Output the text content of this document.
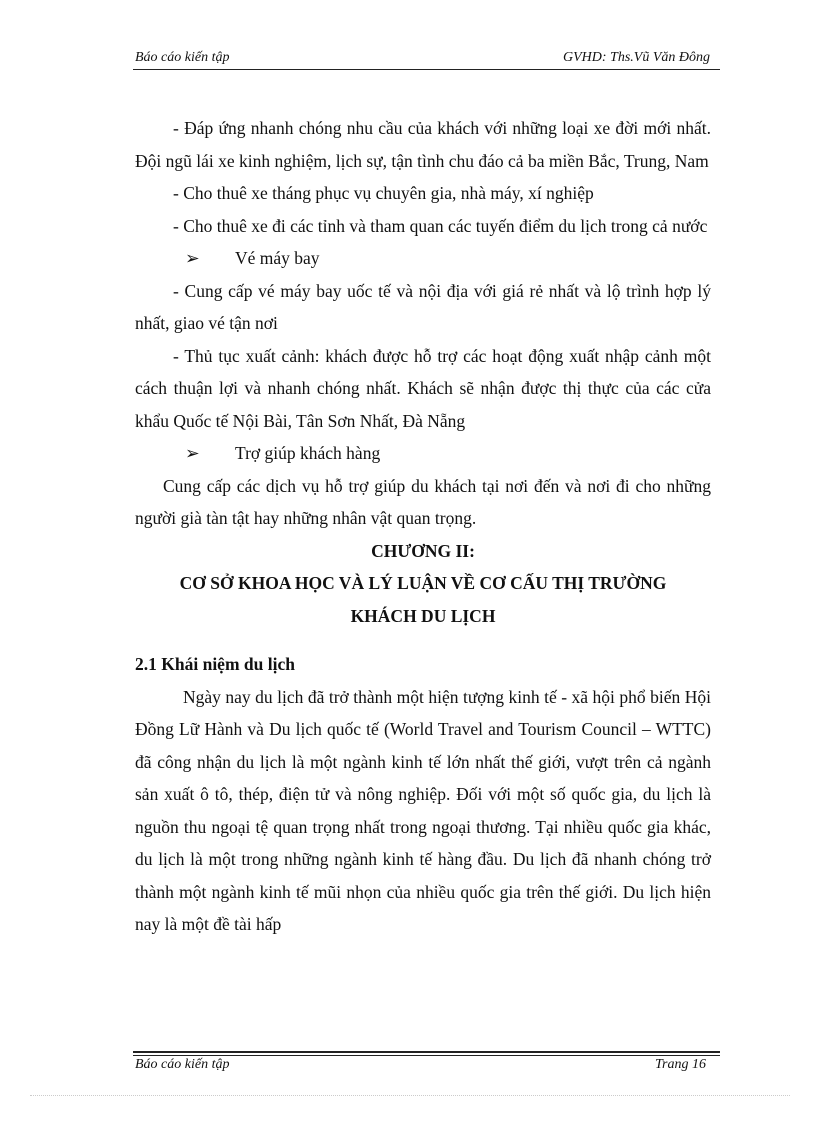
Báo cáo kiến tập	GVHD: Ths.Vũ Văn Đông

- Đáp ứng nhanh chóng nhu cầu của khách với những loại xe đời mới nhất. Đội ngũ lái xe kinh nghiệm, lịch sự, tận tình chu đáo cả ba miền Bắc, Trung, Nam

- Cho thuê xe tháng phục vụ chuyên gia, nhà máy, xí nghiệp

- Cho thuê xe đi các tỉnh và tham quan các tuyến điểm du lịch trong cả nước

➢ Vé máy bay

- Cung cấp vé máy bay uốc tế và nội địa với giá rẻ nhất và lộ trình hợp lý nhất, giao vé tận nơi

- Thủ tục xuất cảnh: khách được hỗ trợ các hoạt động xuất nhập cảnh một cách thuận lợi và nhanh chóng nhất. Khách sẽ nhận được thị thực của các cửa khẩu Quốc tế Nội Bài, Tân Sơn Nhất, Đà Nẵng

➢ Trợ giúp khách hàng

Cung cấp các dịch vụ hỗ trợ giúp du khách tại nơi đến và nơi đi cho những người già tàn tật hay những nhân vật quan trọng.

CHƯƠNG II:

CƠ SỞ KHOA HỌC VÀ LÝ LUẬN VỀ CƠ CẤU THỊ TRƯỜNG

KHÁCH DU LỊCH

2.1 Khái niệm du lịch

Ngày nay du lịch đã trở thành một hiện tượng kinh tế - xã hội phổ biến Hội Đồng Lữ Hành và Du lịch quốc tế (World Travel and Tourism Council – WTTC) đã công nhận du lịch là một ngành kinh tế lớn nhất thế giới, vượt trên cả ngành sản xuất ô tô, thép, điện tử và nông nghiệp. Đối với một số quốc gia, du lịch là nguồn thu ngoại tệ quan trọng nhất trong ngoại thương. Tại nhiều quốc gia khác, du lịch là một trong những ngành kinh tế hàng đầu. Du lịch đã nhanh chóng trở thành một ngành kinh tế mũi nhọn của nhiều quốc gia trên thế giới. Du lịch hiện nay là một đề tài hấp

Báo cáo kiến tập	Trang 16
